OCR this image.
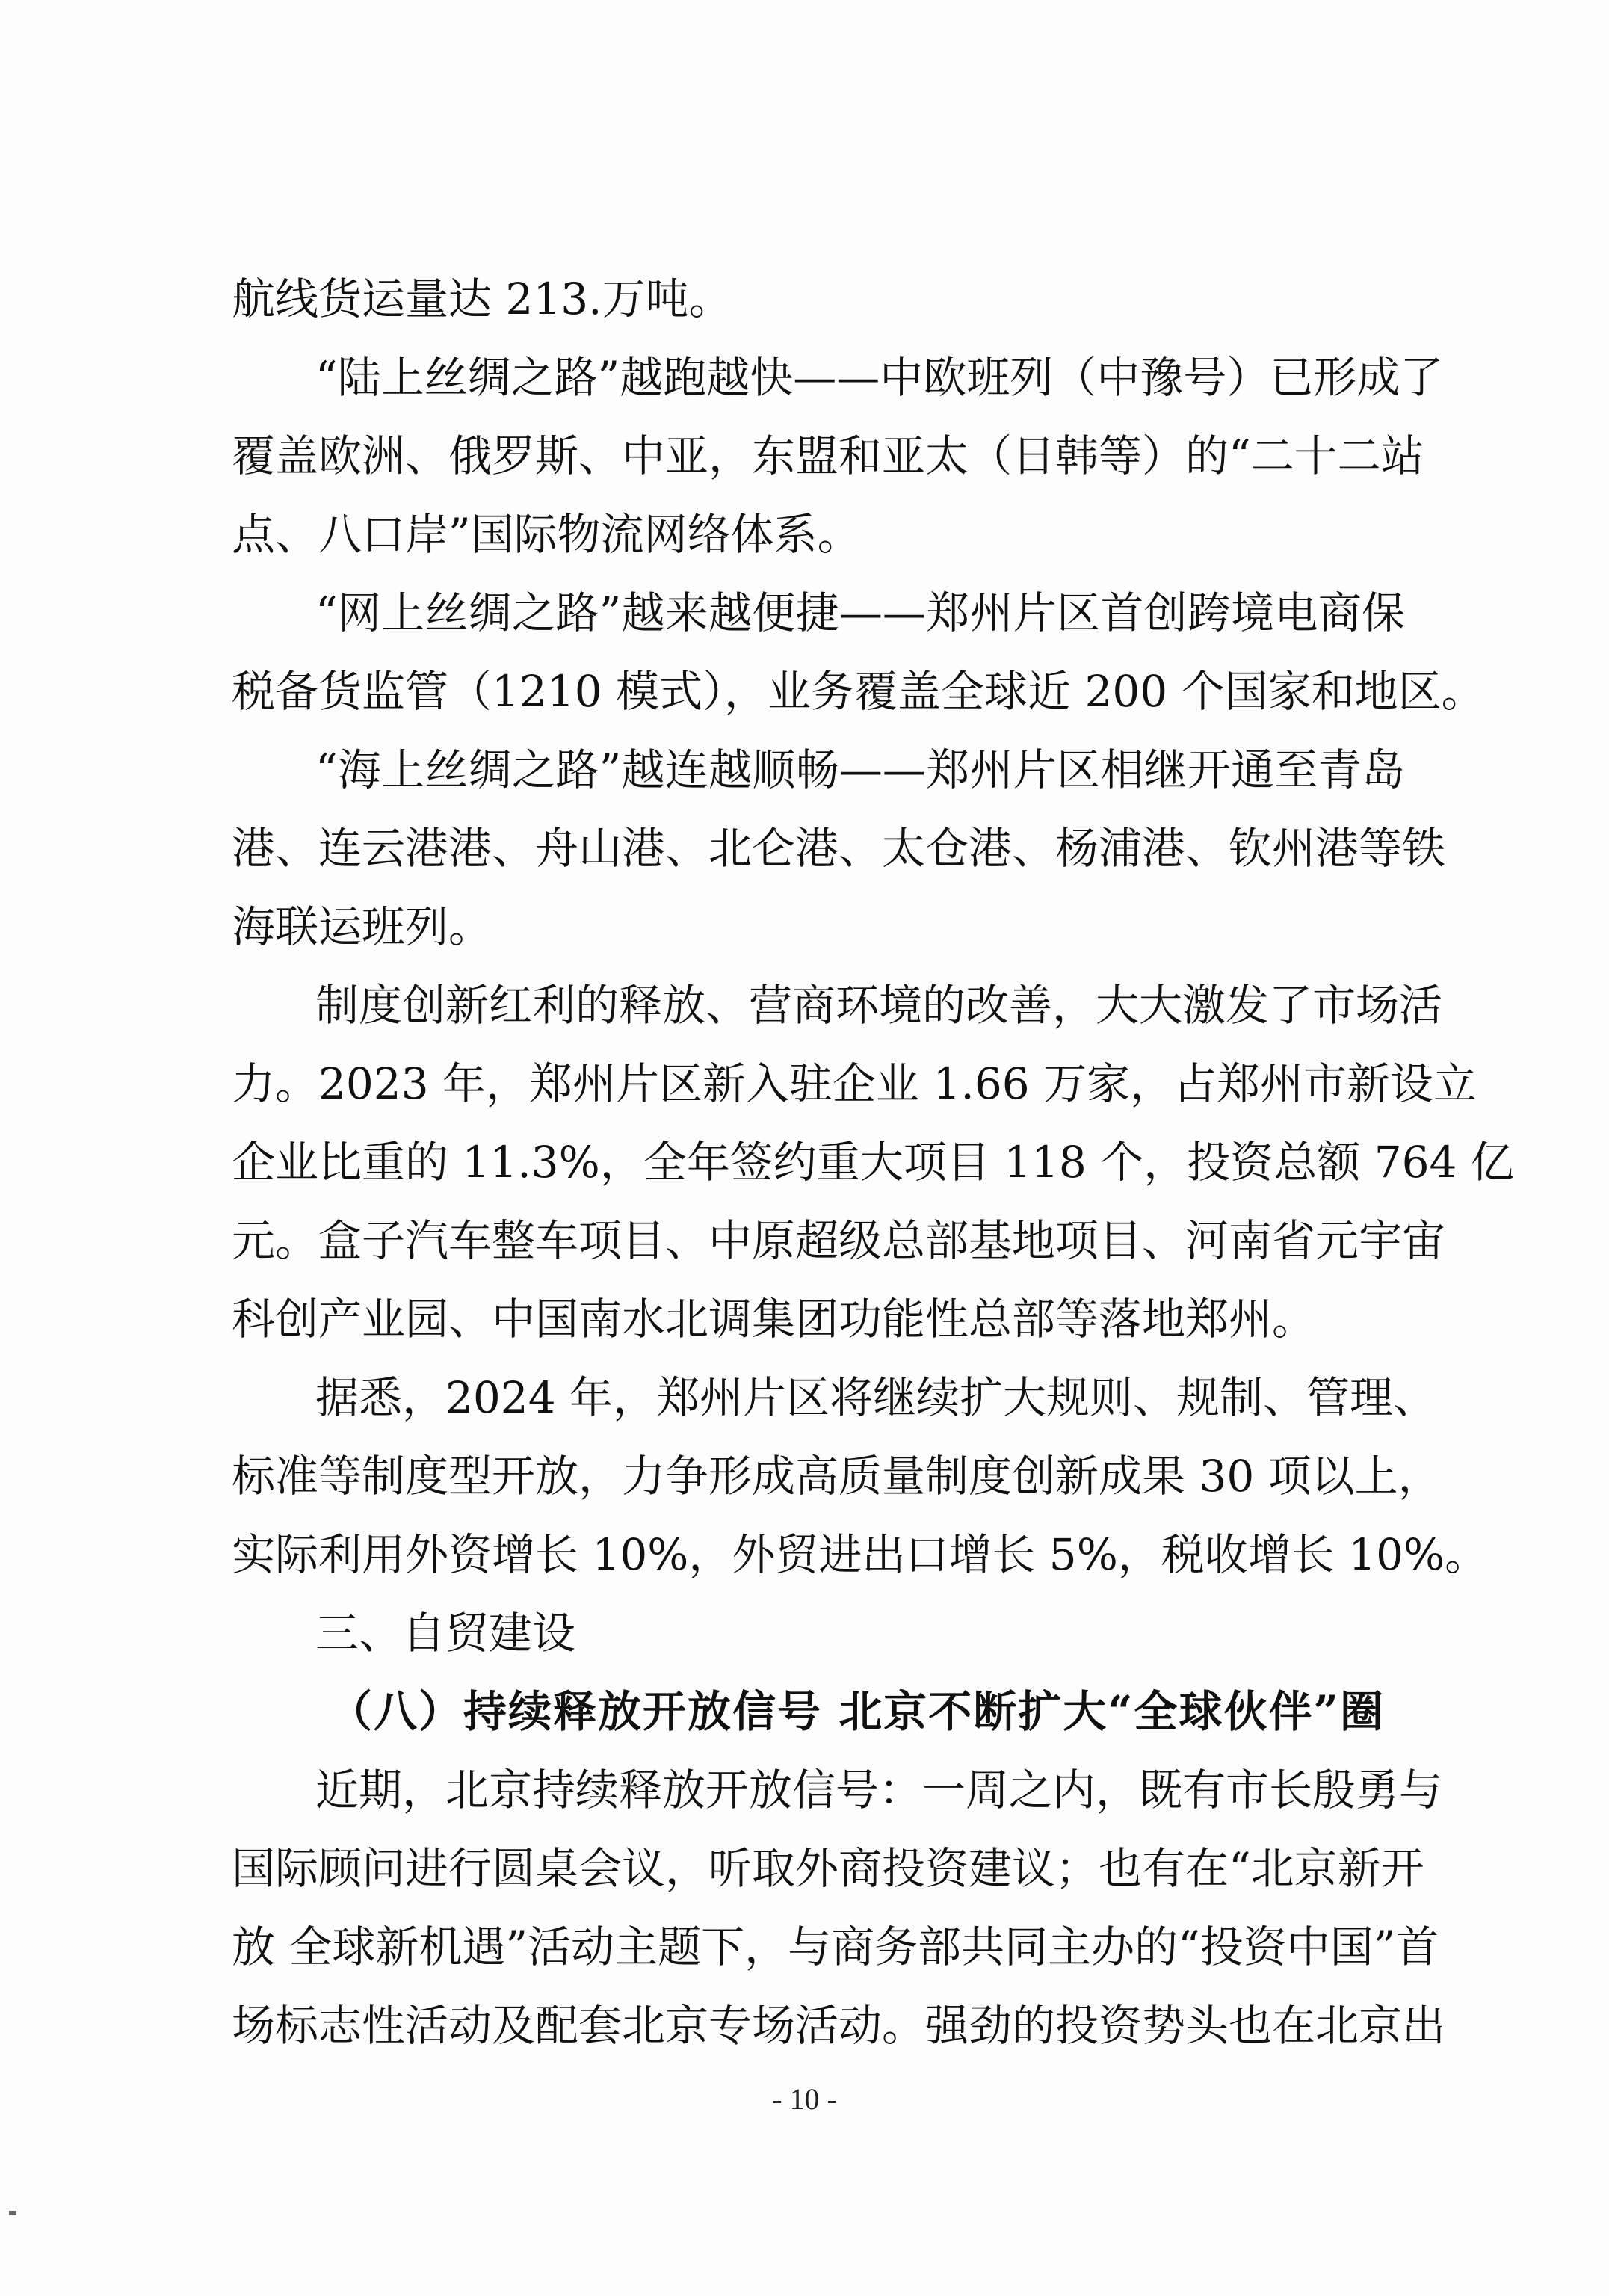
航线货运量达 213.万吨。
“陆上丝绸之路”越跑越快——中欧班列（中豫号）已形成了
覆盖欧洲、俄罗斯、中亚，东盟和亚太（日韩等）的“二十二站
点、八口岸”国际物流网络体系。
“网上丝绸之路”越来越便捷——郑州片区首创跨境电商保
税备货监管（1210 模式），业务覆盖全球近 200 个国家和地区。
“海上丝绸之路”越连越顺畅——郑州片区相继开通至青岛
港、连云港港、舟山港、北仑港、太仓港、杨浦港、钦州港等铁
海联运班列。
制度创新红利的释放、营商环境的改善，大大激发了市场活
力。2023 年，郑州片区新入驻企业 1.66 万家，占郑州市新设立
企业比重的 11.3%，全年签约重大项目 118 个，投资总额 764 亿
元。盒子汽车整车项目、中原超级总部基地项目、河南省元宇宙
科创产业园、中国南水北调集团功能性总部等落地郑州。
据悉，2024 年，郑州片区将继续扩大规则、规制、管理、
标准等制度型开放，力争形成高质量制度创新成果 30 项以上，
实际利用外资增长 10%，外贸进出口增长 5%，税收增长 10%。
三、自贸建设
（八）持续释放开放信号 北京不断扩大“全球伙伴”圈
近期，北京持续释放开放信号：一周之内，既有市长殷勇与
国际顾问进行圆桌会议，听取外商投资建议；也有在“北京新开
放 全球新机遇”活动主题下，与商务部共同主办的“投资中国”首
场标志性活动及配套北京专场活动。强劲的投资势头也在北京出
- 10 -
